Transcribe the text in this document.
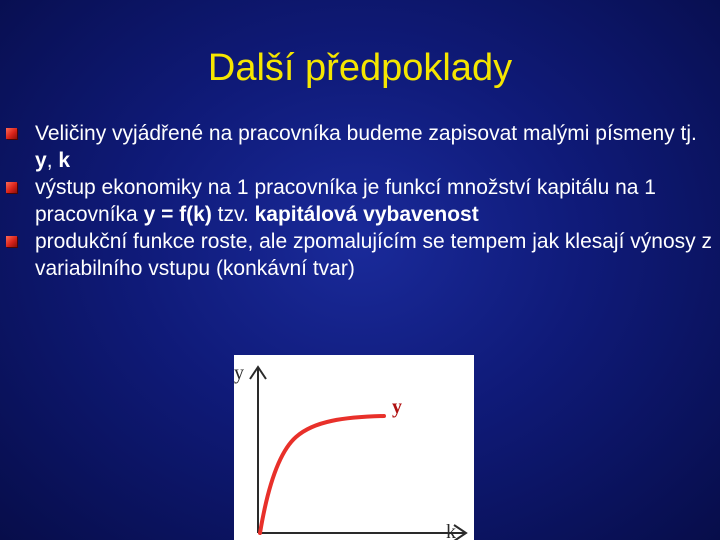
Další předpoklady
Veličiny vyjádřené na pracovníka budeme zapisovat malými písmeny tj. y, k
výstup ekonomiky na 1 pracovníka je funkcí množství kapitálu na 1 pracovníka y = f(k) tzv. kapitálová vybavenost
produkční funkce roste, ale zpomalujícím se tempem jak klesají výnosy z variabilního vstupu (konkávní tvar)
y
y
k
